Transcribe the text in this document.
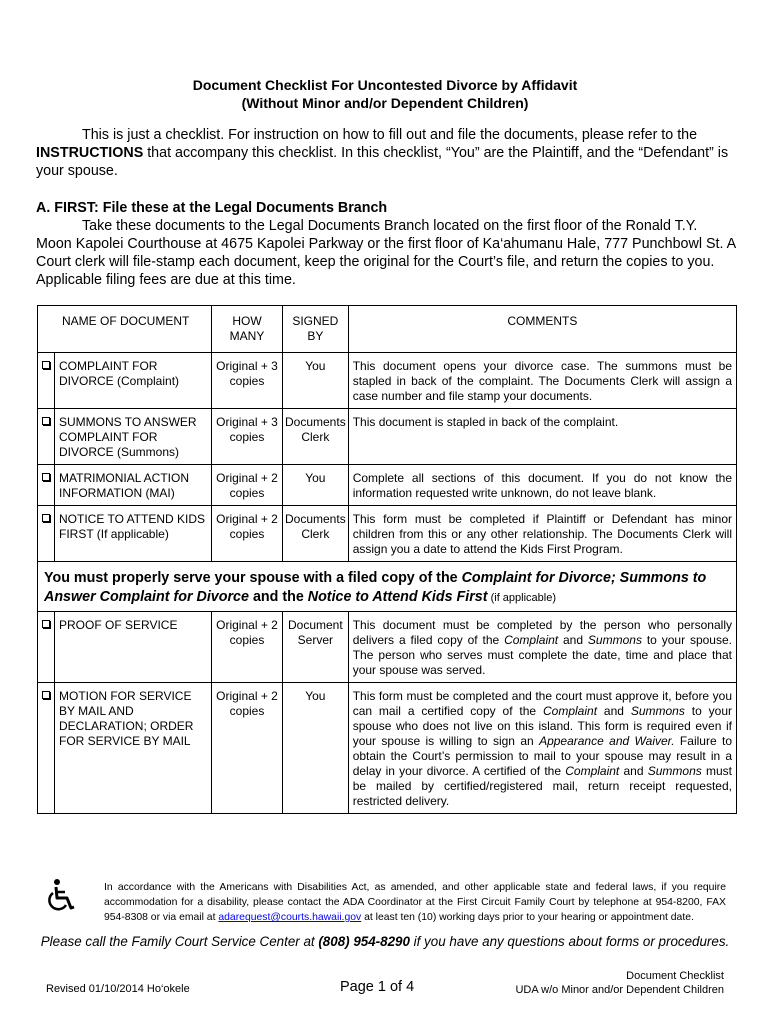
Document Checklist For Uncontested Divorce by Affidavit
(Without Minor and/or Dependent Children)
This is just a checklist. For instruction on how to fill out and file the documents, please refer to the INSTRUCTIONS that accompany this checklist. In this checklist, “You” are the Plaintiff, and the “Defendant” is your spouse.
A. FIRST: File these at the Legal Documents Branch
Take these documents to the Legal Documents Branch located on the first floor of the Ronald T.Y. Moon Kapolei Courthouse at 4675 Kapolei Parkway or the first floor of Ka‘ahumanu Hale, 777 Punchbowl St. A Court clerk will file-stamp each document, keep the original for the Court’s file, and return the copies to you. Applicable filing fees are due at this time.
NAME OF DOCUMENT		HOW MANY	SIGNED BY	COMMENTS
	COMPLAINT FOR DIVORCE (Complaint)	Original + 3 copies	You	This document opens your divorce case. The summons must be stapled in back of the complaint. The Documents Clerk will assign a case number and file stamp your documents.
	SUMMONS TO ANSWER COMPLAINT FOR DIVORCE (Summons)	Original + 3 copies	Documents Clerk	This document is stapled in back of the complaint.
	MATRIMONIAL ACTION INFORMATION (MAI)	Original + 2 copies	You	Complete all sections of this document. If you do not know the information requested write unknown, do not leave blank.
	NOTICE TO ATTEND KIDS FIRST (If applicable)	Original + 2 copies	Documents Clerk	This form must be completed if Plaintiff or Defendant has minor children from this or any other relationship. The Documents Clerk will assign you a date to attend the Kids First Program.
You must properly serve your spouse with a filed copy of the Complaint for Divorce; Summons to Answer Complaint for Divorce and the Notice to Attend Kids First (if applicable)				
	PROOF OF SERVICE	Original + 2 copies	Document Server	This document must be completed by the person who personally delivers a filed copy of the Complaint and Summons to your spouse. The person who serves must complete the date, time and place that your spouse was served.
	MOTION FOR SERVICE BY MAIL AND DECLARATION; ORDER FOR SERVICE BY MAIL	Original + 2 copies	You	This form must be completed and the court must approve it, before you can mail a certified copy of the Complaint and Summons to your spouse who does not live on this island. This form is required even if your spouse is willing to sign an Appearance and Waiver. Failure to obtain the Court’s permission to mail to your spouse may result in a delay in your divorce. A certified of the Complaint and Summons must be mailed by certified/registered mail, return receipt requested, restricted delivery.
In accordance with the Americans with Disabilities Act, as amended, and other applicable state and federal laws, if you require accommodation for a disability, please contact the ADA Coordinator at the First Circuit Family Court by telephone at 954-8200, FAX 954-8308 or via email at adarequest@courts.hawaii.gov at least ten (10) working days prior to your hearing or appointment date.
Please call the Family Court Service Center at (808) 954-8290 if you have any questions about forms or procedures.
Revised 01/10/2014 Ho‘okele	Page 1 of 4
Document Checklist
UDA w/o Minor and/or Dependent Children
